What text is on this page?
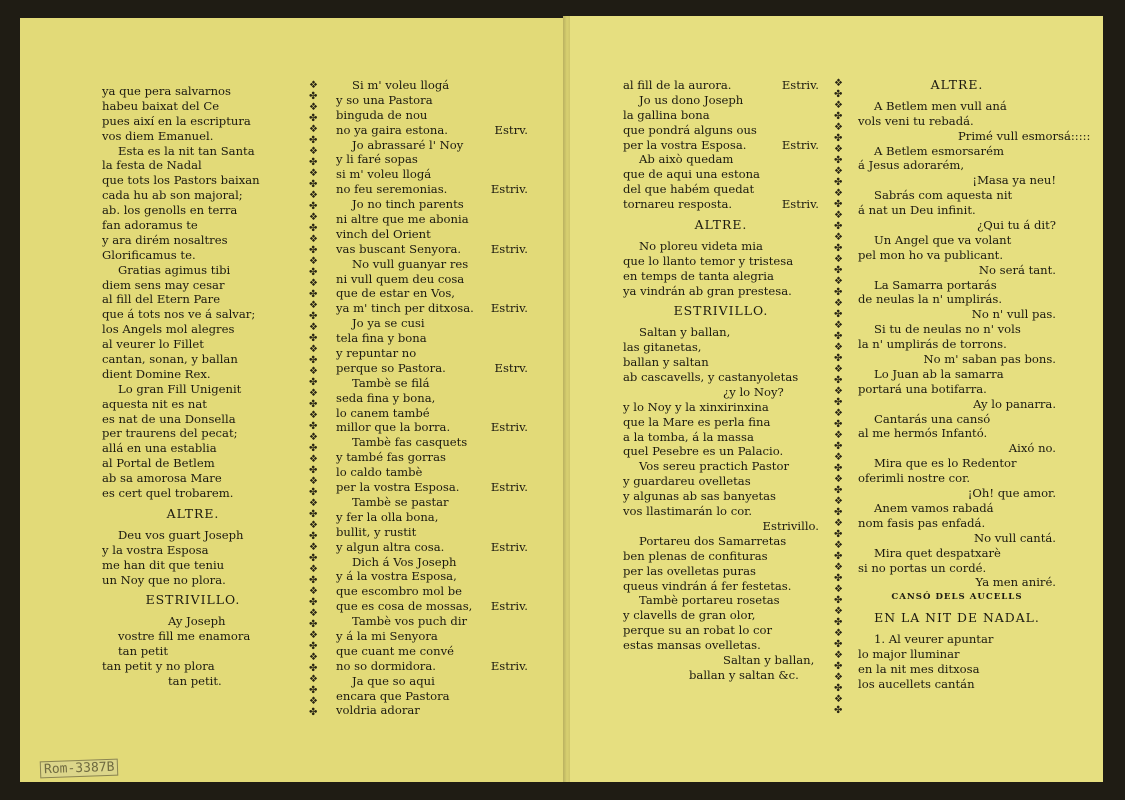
ya que pera salvarnos
habeu baixat del Ce
pues així en la escriptura
vos diem Emanuel.
Esta es la nit tan Santa
la festa de Nadal
que tots los Pastors baixan
cada hu ab son majoral;
ab. los genolls en terra
fan adoramus te
y ara dirém nosaltres
Glorificamus te.
Gratias agimus tibi
diem sens may cesar
al fill del Etern Pare
que á tots nos ve á salvar;
los Angels mol alegres
al veurer lo Fillet
cantan, sonan, y ballan
dient Domine Rex.
Lo gran Fill Unigenit
aquesta nit es nat
es nat de una Donsella
per traurens del pecat;
allá en una establia
al Portal de Betlem
ab sa amorosa Mare
es cert quel trobarem.
ALTRE.
Deu vos guart Joseph
y la vostra Esposa
me han dit que teniu
un Noy que no plora.
ESTRIVILLO.
Ay Joseph
vostre fill me enamora
tan petit
tan petit y no plora
tan petit.
❖
✤
❖
✤
❖
✤
❖
✤
❖
✤
❖
✤
❖
✤
❖
✤
❖
✤
❖
✤
❖
✤
❖
✤
❖
✤
❖
✤
❖
✤
❖
✤
❖
✤
❖
✤
❖
✤
❖
✤
❖
✤
❖
✤
❖
✤
❖
✤
❖
✤
❖
✤
❖
✤
❖
✤
❖
✤

Si m' voleu llogá
y so una Pastora
binguda de nou
no ya gaira estona.	Estrv.
Jo abrassaré l' Noy
y li faré sopas
si m' voleu llogá
no feu seremonias.	Estriv.
Jo no tinch parents
ni altre que me abonia
vinch del Orient
vas buscant Senyora.	Estriv.
No vull guanyar res
ni vull quem deu cosa
que de estar en Vos,
ya m' tinch per ditxosa. Estriv.
Jo ya se cusi
tela fina y bona
y repuntar no
perque so Pastora.	Estrv.
Tambè se filá
seda fina y bona,
lo canem també
millor que la borra.	Estriv.
Tambè fas casquets
y també fas gorras
lo caldo tambè
per la vostra Esposa.	Estriv.
Tambè se pastar
y fer la olla bona,
bullit, y rustit
y algun altra cosa.	Estriv.
Dich á Vos Joseph
y á la vostra Esposa,
que escombro mol be
que es cosa de mossas, Estriv.
Tambè vos puch dir
y á la mi Senyora
que cuant me convé
no so dormidora.	Estriv.
Ja que so aqui
encara que Pastora
voldria adorar
al fill de la aurora.	Estriv.
Jo us dono Joseph
la gallina bona
que pondrá alguns ous
per la vostra Esposa.	Estriv.
Ab això quedam
que de aqui una estona
del que habém quedat
tornareu resposta.	Estriv.
ALTRE.
No ploreu videta mia
que lo llanto temor y tristesa
en temps de tanta alegria
ya vindrán ab gran prestesa.
ESTRIVILLO.
Saltan y ballan,
las gitanetas,
ballan y saltan
ab cascavells, y castanyoletas
¿y lo Noy?
y lo Noy y la xinxirinxina
que la Mare es perla fina
a la tomba, á la massa
quel Pesebre es un Palacio.
Vos sereu practich Pastor
y guardareu ovelletas
y algunas ab sas banyetas
vos llastimarán lo cor.
Estrivillo.
Portareu dos Samarretas
ben plenas de confituras
per las ovelletas puras
queus vindrán á fer festetas.
Tambè portareu rosetas
y clavells de gran olor,
perque su an robat lo cor
estas mansas ovelletas.
Saltan y ballan,
ballan y saltan &c.
❖
✤
❖
✤
❖
✤
❖
✤
❖
✤
❖
✤
❖
✤
❖
✤
❖
✤
❖
✤
❖
✤
❖
✤
❖
✤
❖
✤
❖
✤
❖
✤
❖
✤
❖
✤
❖
✤
❖
✤
❖
✤
❖
✤
❖
✤
❖
✤
❖
✤
❖
✤
❖
✤
❖
✤
❖
✤

ALTRE.
A Betlem men vull aná
vols veni tu rebadá.
Primé vull esmorsá:::::
A Betlem esmorsarém
á Jesus adorarém,
¡Masa ya neu!
Sabrás com aquesta nit
á nat un Deu infinit.
¿Qui tu á dit?
Un Angel que va volant
pel mon ho va publicant.
No será tant.
La Samarra portarás
de neulas la n' umplirás.
No n' vull pas.
Si tu de neulas no n' vols
la n' umplirás de torrons.
No m' saban pas bons.
Lo Juan ab la samarra
portará una botifarra.
Ay lo panarra.
Cantarás una cansó
al me hermós Infantó.
Aixó no.
Mira que es lo Redentor
oferimli nostre cor.
¡Oh! que amor.
Anem vamos rabadá
nom fasis pas enfadá.
No vull cantá.
Mira quet despatxarè
si no portas un cordé.
Ya men aniré.
CANSÓ DELS AUCELLS
EN LA NIT DE NADAL.
1. Al veurer apuntar
lo major lluminar
en la nit mes ditxosa
los aucellets cantán
Rom-3387B
